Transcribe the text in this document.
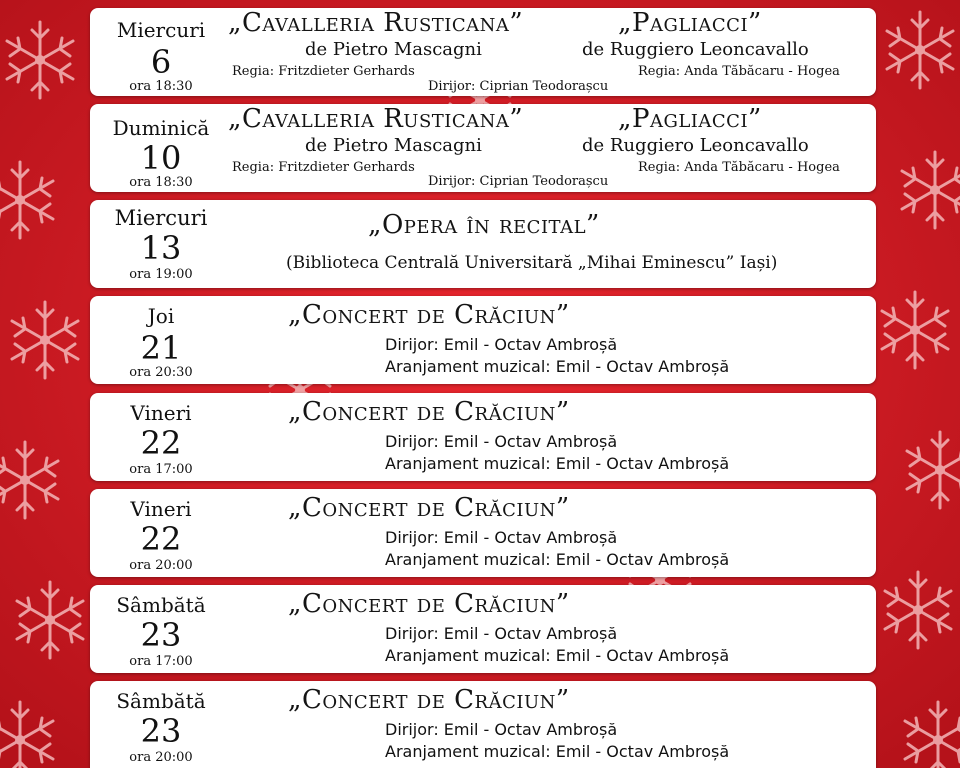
Miercuri
6
ora 18:30
„Cavalleria Rusticana”
de Pietro Mascagni
Regia: Fritzdieter Gerhards
„Pagliacci”
de Ruggiero Leoncavallo
Regia: Anda Tăbăcaru - Hogea
Dirijor: Ciprian Teodorașcu
Duminică
10
ora 18:30
„Cavalleria Rusticana”
de Pietro Mascagni
Regia: Fritzdieter Gerhards
„Pagliacci”
de Ruggiero Leoncavallo
Regia: Anda Tăbăcaru - Hogea
Dirijor: Ciprian Teodorașcu
Miercuri
13
ora 19:00
„Opera în recital”
(Biblioteca Centrală Universitară „Mihai Eminescu” Iași)
Joi
21
ora 20:30
„Concert de Crăciun”
Dirijor: Emil - Octav Ambroșă
Aranjament muzical: Emil - Octav Ambroșă
Vineri
22
ora 17:00
„Concert de Crăciun”
Dirijor: Emil - Octav Ambroșă
Aranjament muzical: Emil - Octav Ambroșă
Vineri
22
ora 20:00
„Concert de Crăciun”
Dirijor: Emil - Octav Ambroșă
Aranjament muzical: Emil - Octav Ambroșă
Sâmbătă
23
ora 17:00
„Concert de Crăciun”
Dirijor: Emil - Octav Ambroșă
Aranjament muzical: Emil - Octav Ambroșă
Sâmbătă
23
ora 20:00
„Concert de Crăciun”
Dirijor: Emil - Octav Ambroșă
Aranjament muzical: Emil - Octav Ambroșă
